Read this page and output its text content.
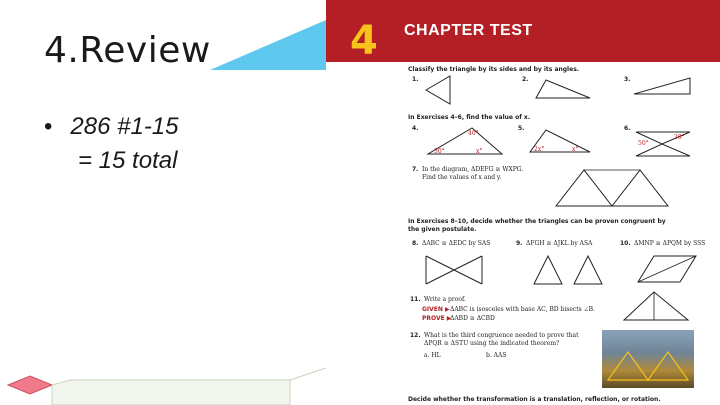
4.Review
• 286 #1-15
= 15 total
4 CHAPTER TEST
Classify the triangle by its sides and by its angles.
1.	2.	3.
In Exercises 4–6, find the value of x.
4.	5.	6.
40°
30°	x°	2x°	x°
30°
50°
7. In the diagram, ΔDEFG ≅ WXPG.
Find the values of x and y.
In Exercises 8–10, decide whether the triangles can be proven congruent by
the given postulate.
8. ΔABC ≅ ΔEDC by SAS	9. ΔFGH ≅ ΔJKL by ASA	10. ΔMNP ≅ ΔPQM by SSS
11. Write a proof.
GIVEN ▶ ΔABC is isosceles with base AC, BD bisects ∠B.
PROVE ▶
ΔABD ≅ ΔCBD
12. What is the third congruence needed to prove that
ΔPQR ≅ ΔSTU using the indicated theorem?
a. HL	b. AAS
Decide whether the transformation is a translation, reflection, or rotation.
